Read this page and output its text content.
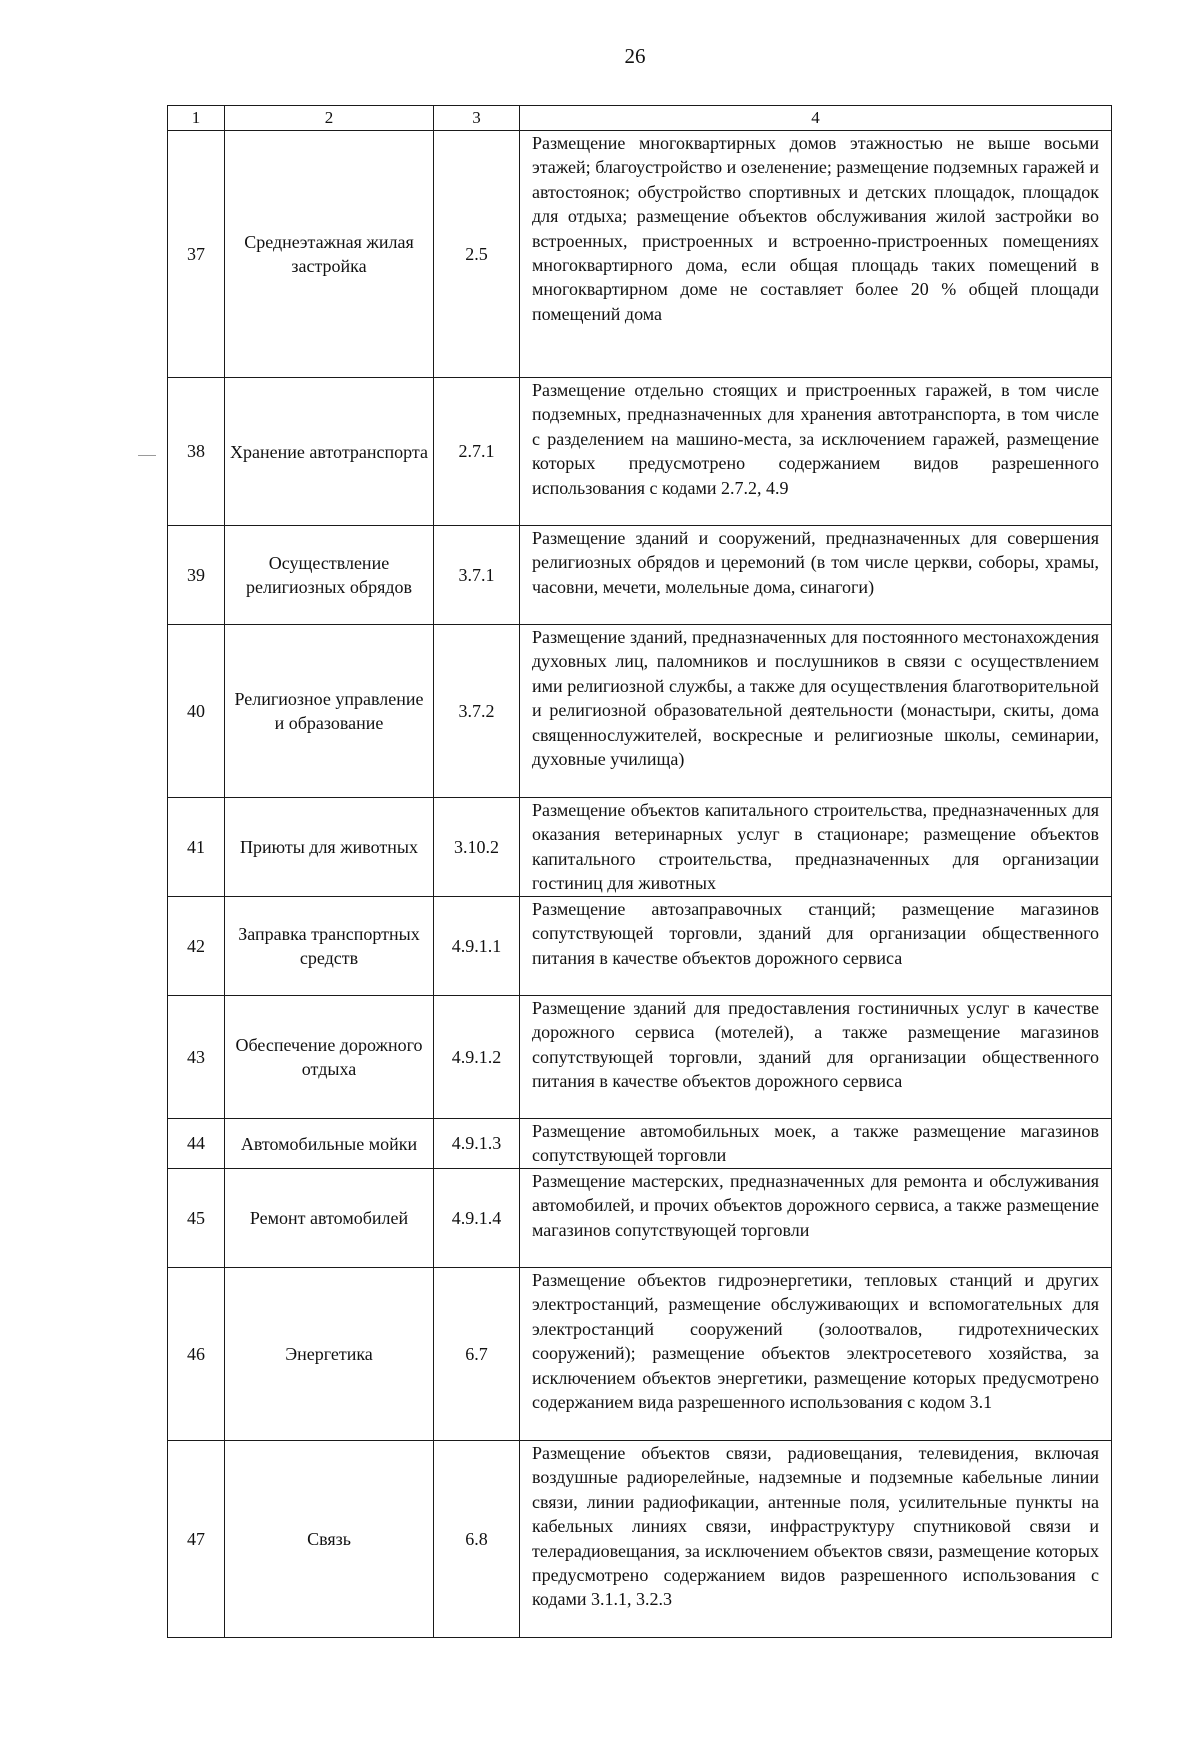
26
1	2	3	4
37	Среднеэтажная жилая застройка	2.5	Размещение многоквартирных домов этажностью не выше восьми этажей; благоустройство и озеленение; размещение подземных гаражей и автостоянок; обустройство спортивных и детских площадок, площадок для отдыха; размещение объектов обслуживания жилой застройки во встроенных, пристроенных и встроенно-пристроенных помещениях многоквартирного дома, если общая площадь таких помещений в многоквартирном доме не составляет более 20 % общей площади помещений дома
38	Хранение автотранспорта	2.7.1	Размещение отдельно стоящих и пристроенных гаражей, в том числе подземных, предназначенных для хранения автотранспорта, в том числе с разделением на машино-места, за исключением гаражей, размещение которых предусмотрено содержанием видов разрешенного использования с кодами 2.7.2, 4.9
39	Осуществление религиозных обрядов	3.7.1	Размещение зданий и сооружений, предназначенных для совершения религиозных обрядов и церемоний (в том числе церкви, соборы, храмы, часовни, мечети, молельные дома, синагоги)
40	Религиозное управление и образование	3.7.2	Размещение зданий, предназначенных для постоянного местонахождения духовных лиц, паломников и послушников в связи с осуществлением ими религиозной службы, а также для осуществления благотворительной и религиозной образовательной деятельности (монастыри, скиты, дома священнослужителей, воскресные и религиозные школы, семинарии, духовные училища)
41	Приюты для животных	3.10.2	Размещение объектов капитального строительства, предназначенных для оказания ветеринарных услуг в стационаре; размещение объектов капитального строительства, предназначенных для организации гостиниц для животных
42	Заправка транспортных средств	4.9.1.1	Размещение автозаправочных станций; размещение магазинов сопутствующей торговли, зданий для организации общественного питания в качестве объектов дорожного сервиса
43	Обеспечение дорожного отдыха	4.9.1.2	Размещение зданий для предоставления гостиничных услуг в качестве дорожного сервиса (мотелей), а также размещение магазинов сопутствующей торговли, зданий для организации общественного питания в качестве объектов дорожного сервиса
44	Автомобильные мойки	4.9.1.3	Размещение автомобильных моек, а также размещение магазинов сопутствующей торговли
45	Ремонт автомобилей	4.9.1.4	Размещение мастерских, предназначенных для ремонта и обслуживания автомобилей, и прочих объектов дорожного сервиса, а также размещение магазинов сопутствующей торговли
46	Энергетика	6.7	Размещение объектов гидроэнергетики, тепловых станций и других электростанций, размещение обслуживающих и вспомогательных для электростанций сооружений (золоотвалов, гидротехнических сооружений); размещение объектов электросетевого хозяйства, за исключением объектов энергетики, размещение которых предусмотрено содержанием вида разрешенного использования с кодом 3.1
47	Связь	6.8	Размещение объектов связи, радиовещания, телевидения, включая воздушные радиорелейные, надземные и подземные кабельные линии связи, линии радиофикации, антенные поля, усилительные пункты на кабельных линиях связи, инфраструктуру спутниковой связи и телерадиовещания, за исключением объектов связи, размещение которых предусмотрено содержанием видов разрешенного использования с кодами 3.1.1, 3.2.3
